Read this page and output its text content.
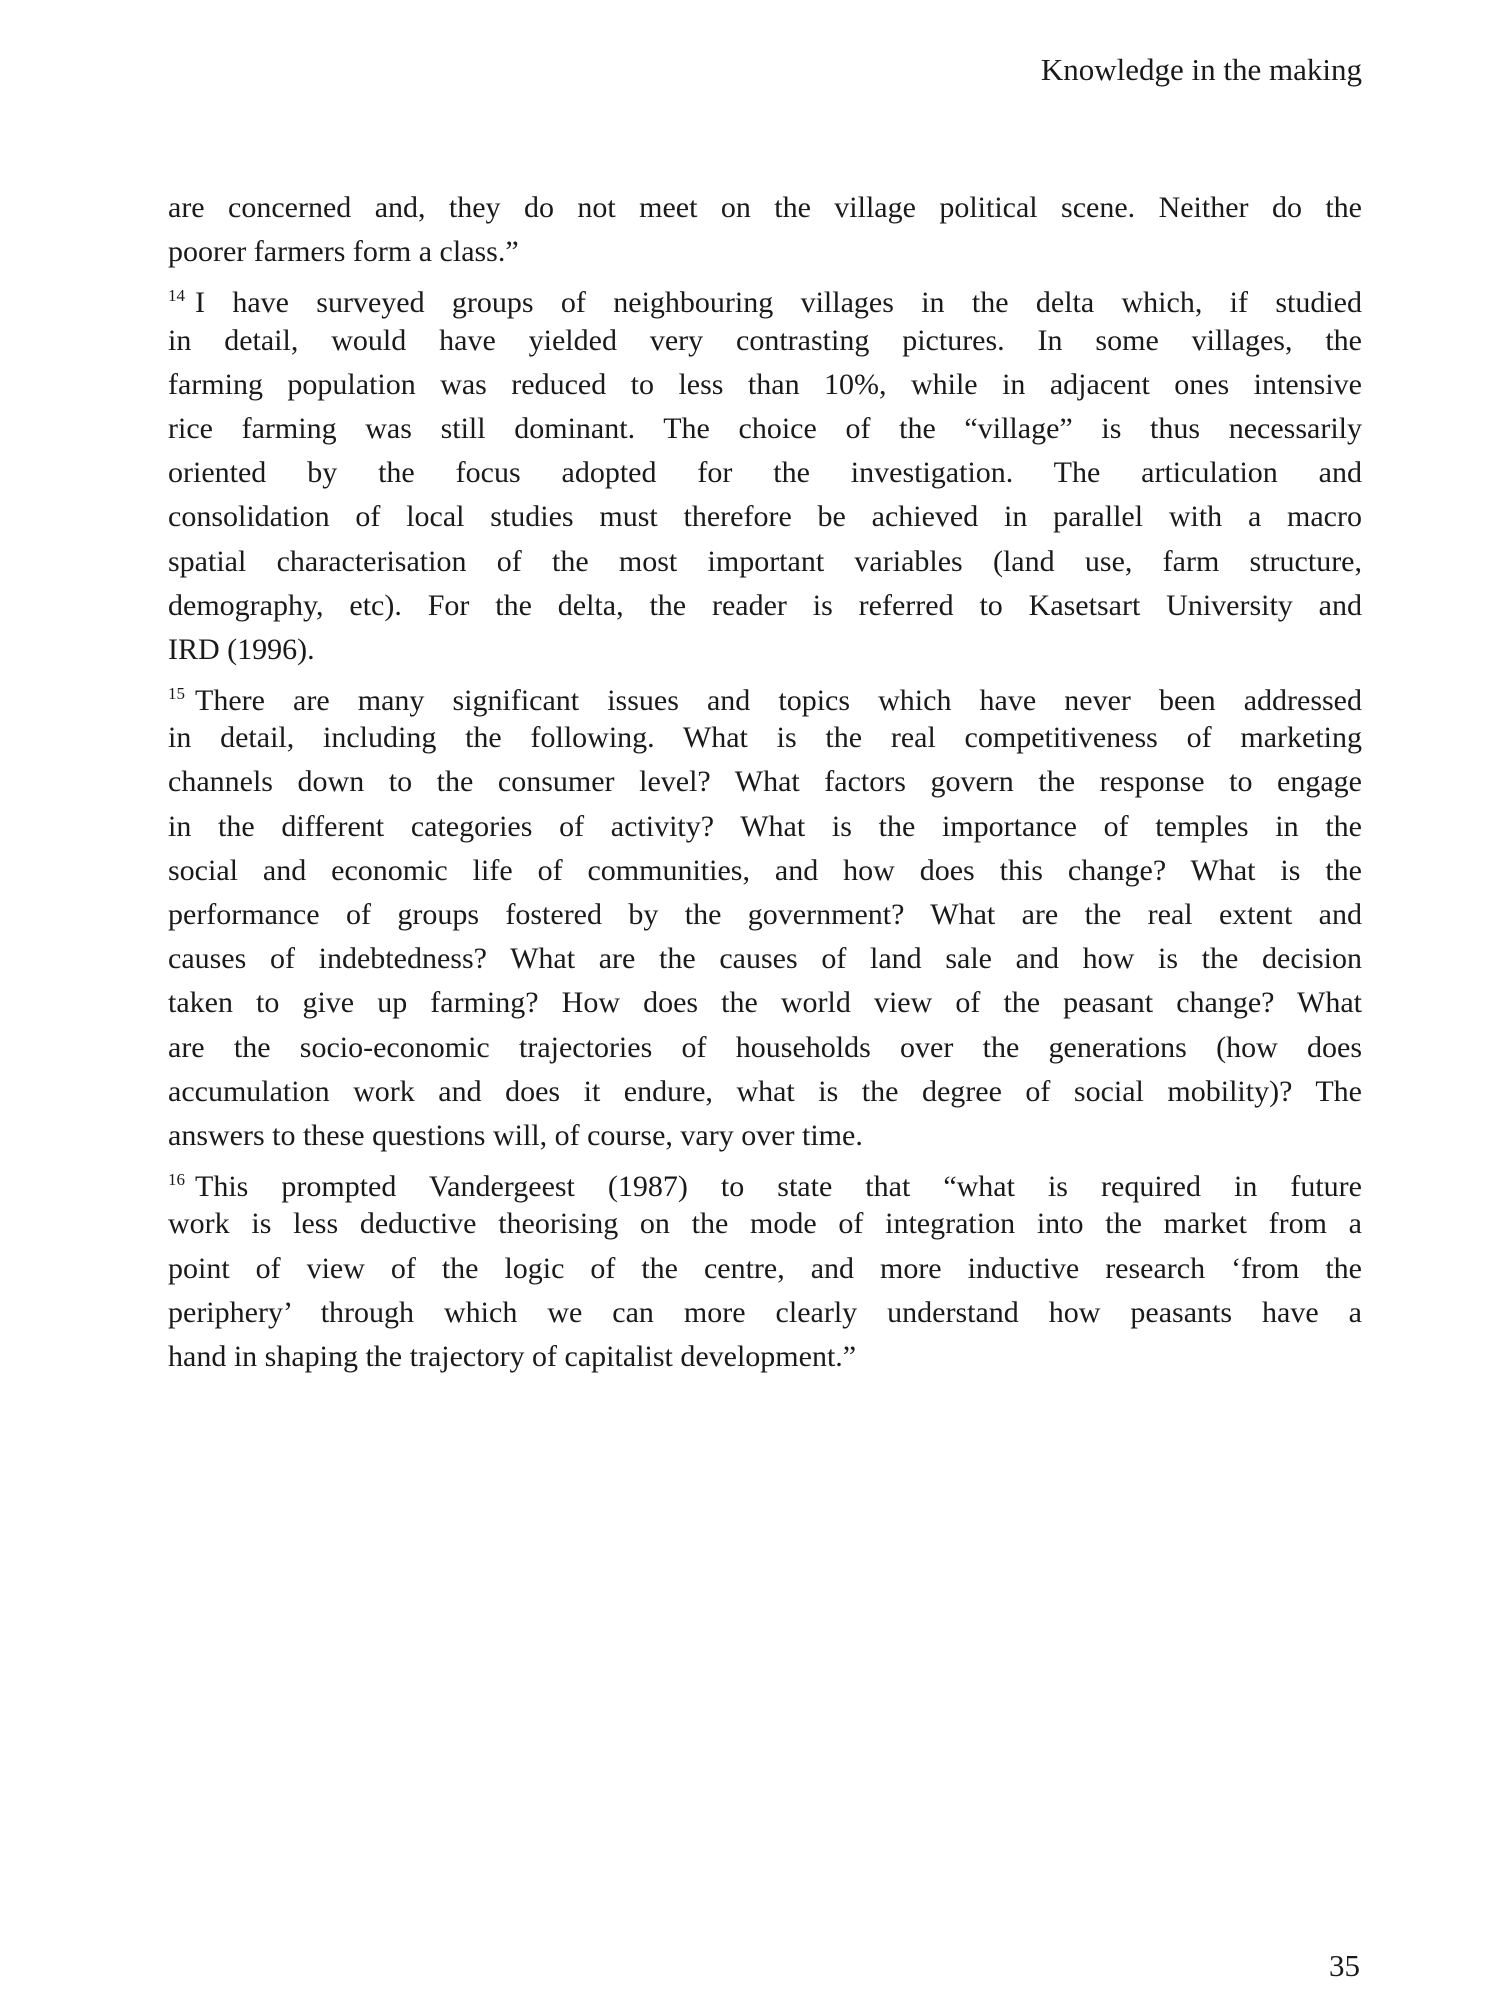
Knowledge in the making
are concerned and, they do not meet on the village political scene. Neither do the
poorer farmers form a class.”
$^{14}$ I have surveyed groups of neighbouring villages in the delta which, if studied
in detail, would have yielded very contrasting pictures. In some villages, the
farming population was reduced to less than 10%, while in adjacent ones intensive
rice farming was still dominant. The choice of the “village” is thus necessarily
oriented by the focus adopted for the investigation. The articulation and
consolidation of local studies must therefore be achieved in parallel with a macro
spatial characterisation of the most important variables (land use, farm structure,
demography, etc). For the delta, the reader is referred to Kasetsart University and
IRD (1996).
$^{15}$ There are many significant issues and topics which have never been addressed
in detail, including the following. What is the real competitiveness of marketing
channels down to the consumer level? What factors govern the response to engage
in the different categories of activity? What is the importance of temples in the
social and economic life of communities, and how does this change? What is the
performance of groups fostered by the government? What are the real extent and
causes of indebtedness? What are the causes of land sale and how is the decision
taken to give up farming? How does the world view of the peasant change? What
are the socio-economic trajectories of households over the generations (how does
accumulation work and does it endure, what is the degree of social mobility)? The
answers to these questions will, of course, vary over time.
$^{16}$ This prompted Vandergeest (1987) to state that “what is required in future
work is less deductive theorising on the mode of integration into the market from a
point of view of the logic of the centre, and more inductive research ‘from the
periphery’ through which we can more clearly understand how peasants have a
hand in shaping the trajectory of capitalist development.”
35
